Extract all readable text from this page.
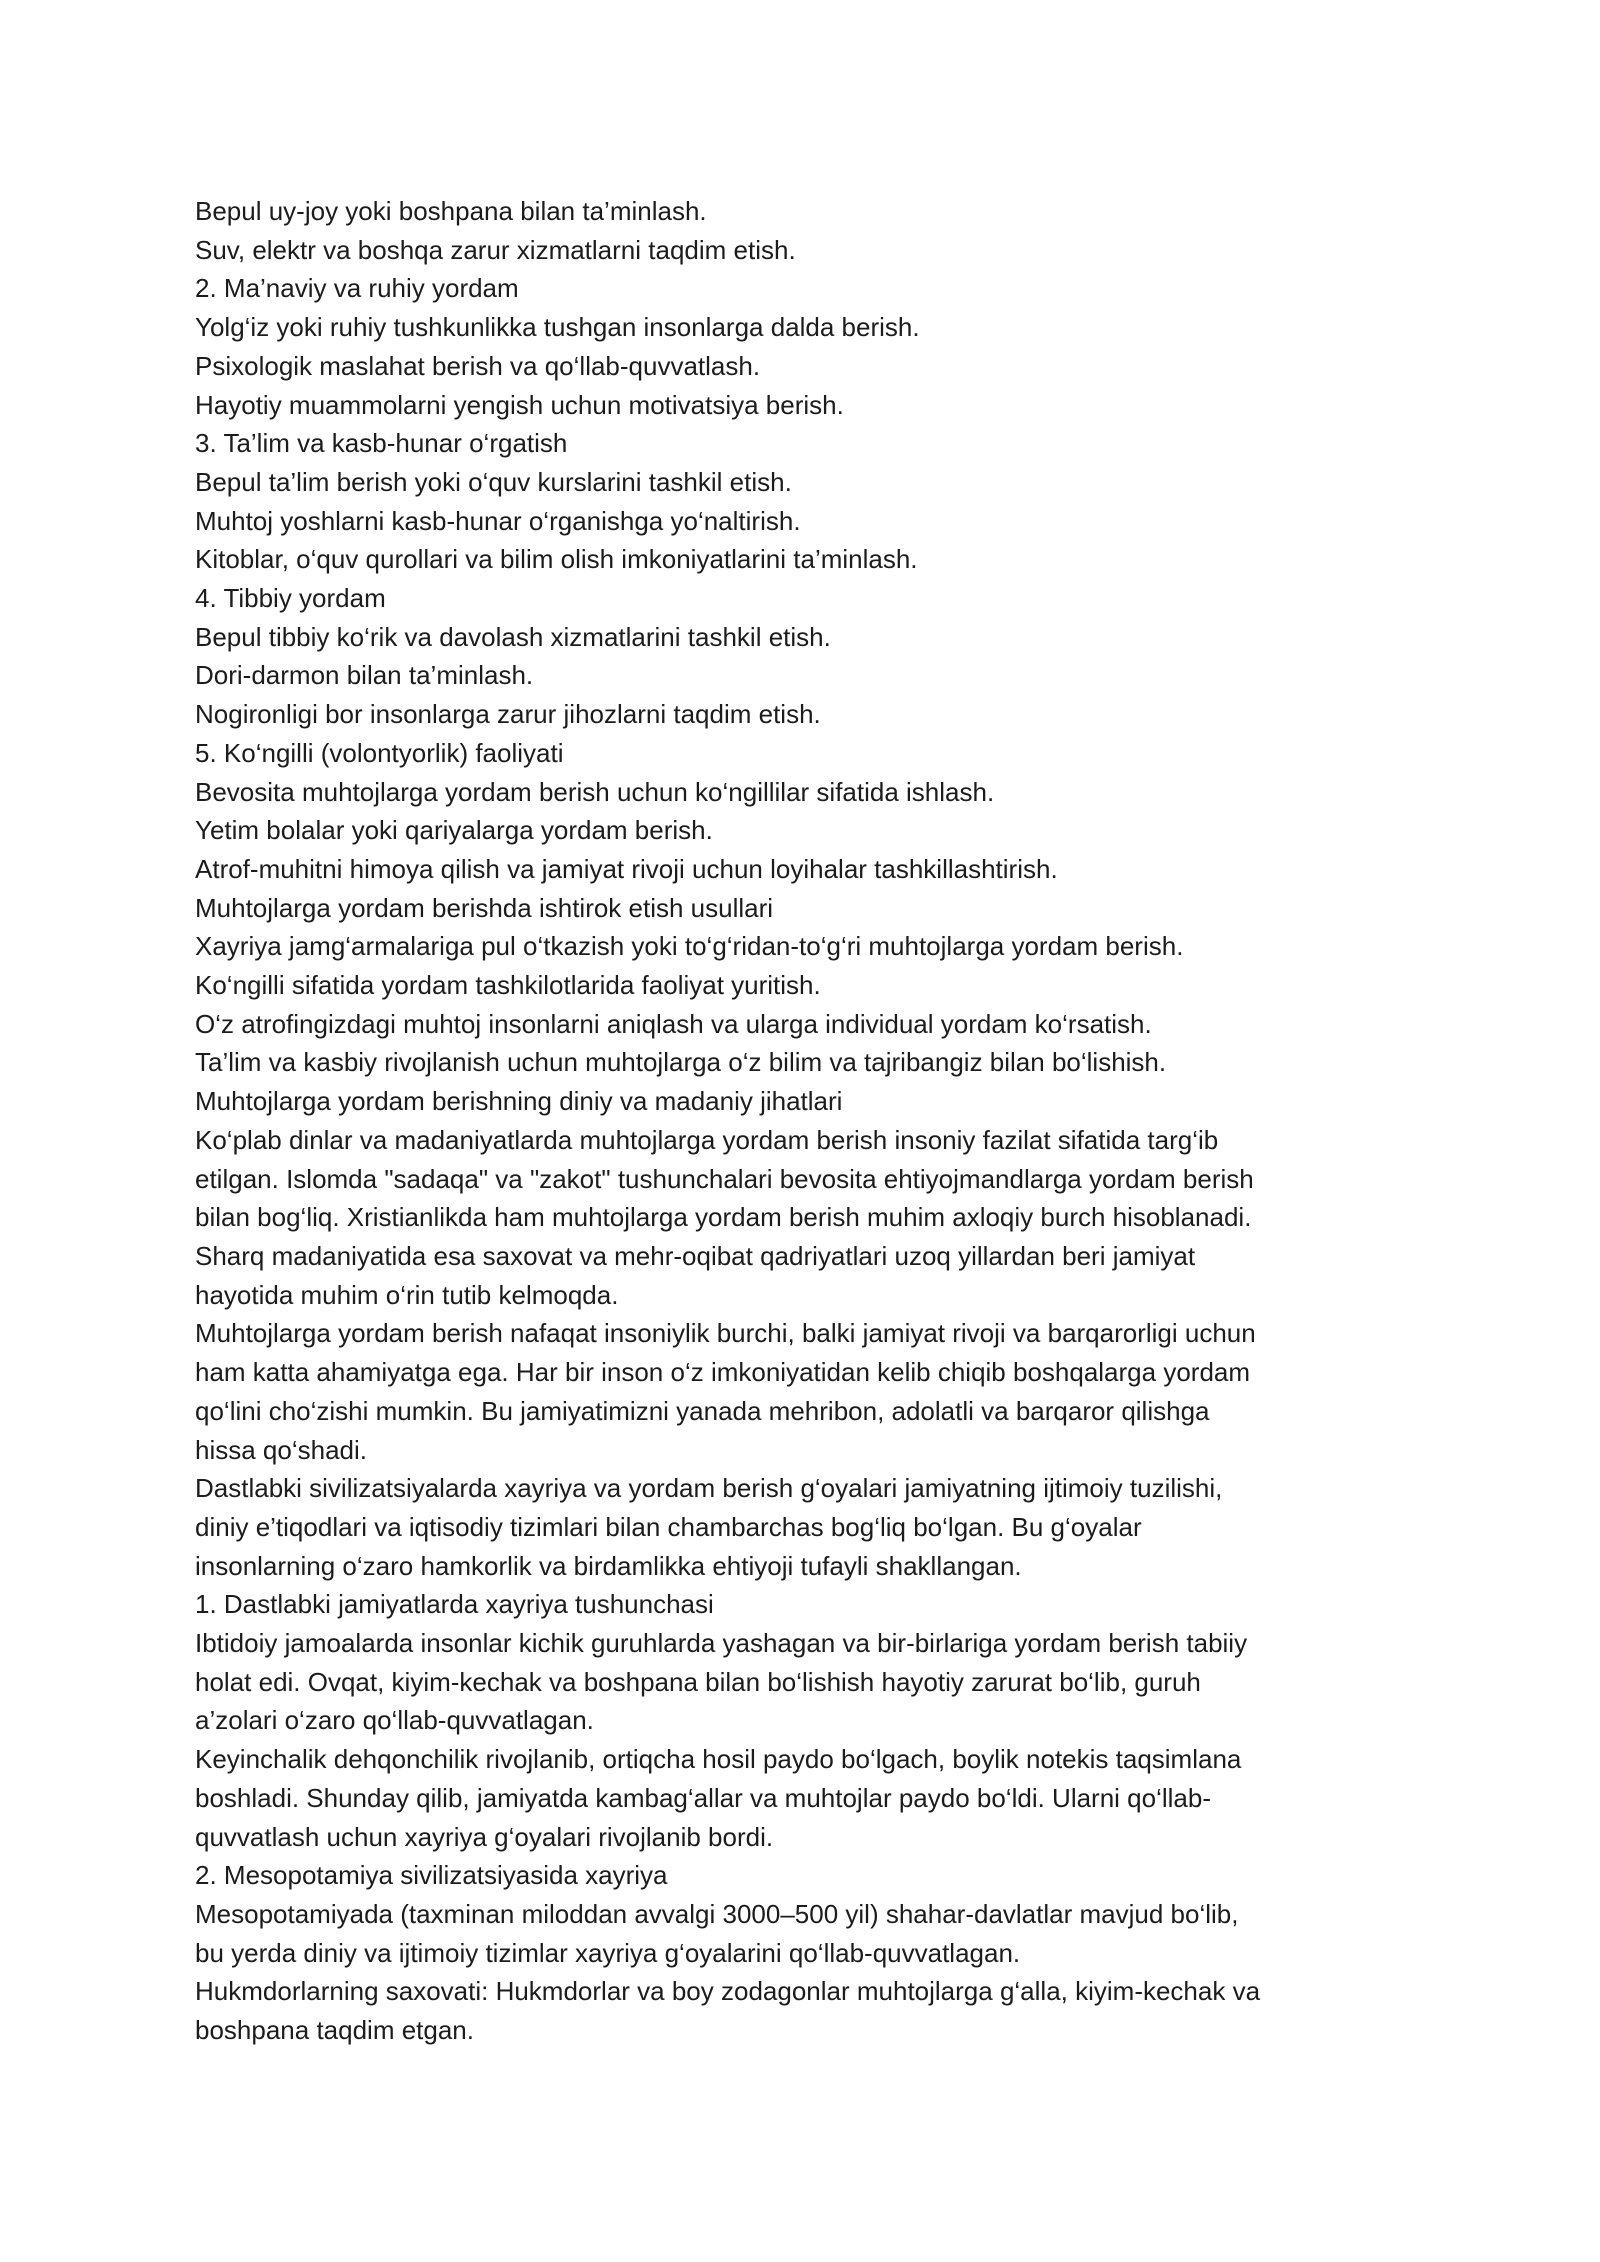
Bepul uy-joy yoki boshpana bilan ta’minlash.
Suv, elektr va boshqa zarur xizmatlarni taqdim etish.
2. Ma’naviy va ruhiy yordam
Yolg‘iz yoki ruhiy tushkunlikka tushgan insonlarga dalda berish.
Psixologik maslahat berish va qo‘llab-quvvatlash.
Hayotiy muammolarni yengish uchun motivatsiya berish.
3. Ta’lim va kasb-hunar o‘rgatish
Bepul ta’lim berish yoki o‘quv kurslarini tashkil etish.
Muhtoj yoshlarni kasb-hunar o‘rganishga yo‘naltirish.
Kitoblar, o‘quv qurollari va bilim olish imkoniyatlarini ta’minlash.
4. Tibbiy yordam
Bepul tibbiy ko‘rik va davolash xizmatlarini tashkil etish.
Dori-darmon bilan ta’minlash.
Nogironligi bor insonlarga zarur jihozlarni taqdim etish.
5. Ko‘ngilli (volontyorlik) faoliyati
Bevosita muhtojlarga yordam berish uchun ko‘ngillilar sifatida ishlash.
Yetim bolalar yoki qariyalarga yordam berish.
Atrof-muhitni himoya qilish va jamiyat rivoji uchun loyihalar tashkillashtirish.
Muhtojlarga yordam berishda ishtirok etish usullari
Xayriya jamg‘armalariga pul o‘tkazish yoki to‘g‘ridan-to‘g‘ri muhtojlarga yordam berish.
Ko‘ngilli sifatida yordam tashkilotlarida faoliyat yuritish.
O‘z atrofingizdagi muhtoj insonlarni aniqlash va ularga individual yordam ko‘rsatish.
Ta’lim va kasbiy rivojlanish uchun muhtojlarga o‘z bilim va tajribangiz bilan bo‘lishish.
Muhtojlarga yordam berishning diniy va madaniy jihatlari
Ko‘plab dinlar va madaniyatlarda muhtojlarga yordam berish insoniy fazilat sifatida targ‘ib
etilgan. Islomda "sadaqa" va "zakot" tushunchalari bevosita ehtiyojmandlarga yordam berish
bilan bog‘liq. Xristianlikda ham muhtojlarga yordam berish muhim axloqiy burch hisoblanadi.
Sharq madaniyatida esa saxovat va mehr-oqibat qadriyatlari uzoq yillardan beri jamiyat
hayotida muhim o‘rin tutib kelmoqda.
Muhtojlarga yordam berish nafaqat insoniylik burchi, balki jamiyat rivoji va barqarorligi uchun
ham katta ahamiyatga ega. Har bir inson o‘z imkoniyatidan kelib chiqib boshqalarga yordam
qo‘lini cho‘zishi mumkin. Bu jamiyatimizni yanada mehribon, adolatli va barqaror qilishga
hissa qo‘shadi.
Dastlabki sivilizatsiyalarda xayriya va yordam berish g‘oyalari jamiyatning ijtimoiy tuzilishi,
diniy e’tiqodlari va iqtisodiy tizimlari bilan chambarchas bog‘liq bo‘lgan. Bu g‘oyalar
insonlarning o‘zaro hamkorlik va birdamlikka ehtiyoji tufayli shakllangan.
1. Dastlabki jamiyatlarda xayriya tushunchasi
Ibtidoiy jamoalarda insonlar kichik guruhlarda yashagan va bir-birlariga yordam berish tabiiy
holat edi. Ovqat, kiyim-kechak va boshpana bilan bo‘lishish hayotiy zarurat bo‘lib, guruh
a’zolari o‘zaro qo‘llab-quvvatlagan.
Keyinchalik dehqonchilik rivojlanib, ortiqcha hosil paydo bo‘lgach, boylik notekis taqsimlana
boshladi. Shunday qilib, jamiyatda kambag‘allar va muhtojlar paydo bo‘ldi. Ularni qo‘llab-
quvvatlash uchun xayriya g‘oyalari rivojlanib bordi.
2. Mesopotamiya sivilizatsiyasida xayriya
Mesopotamiyada (taxminan miloddan avvalgi 3000–500 yil) shahar-davlatlar mavjud bo‘lib,
bu yerda diniy va ijtimoiy tizimlar xayriya g‘oyalarini qo‘llab-quvvatlagan.
Hukmdorlarning saxovati: Hukmdorlar va boy zodagonlar muhtojlarga g‘alla, kiyim-kechak va
boshpana taqdim etgan.
